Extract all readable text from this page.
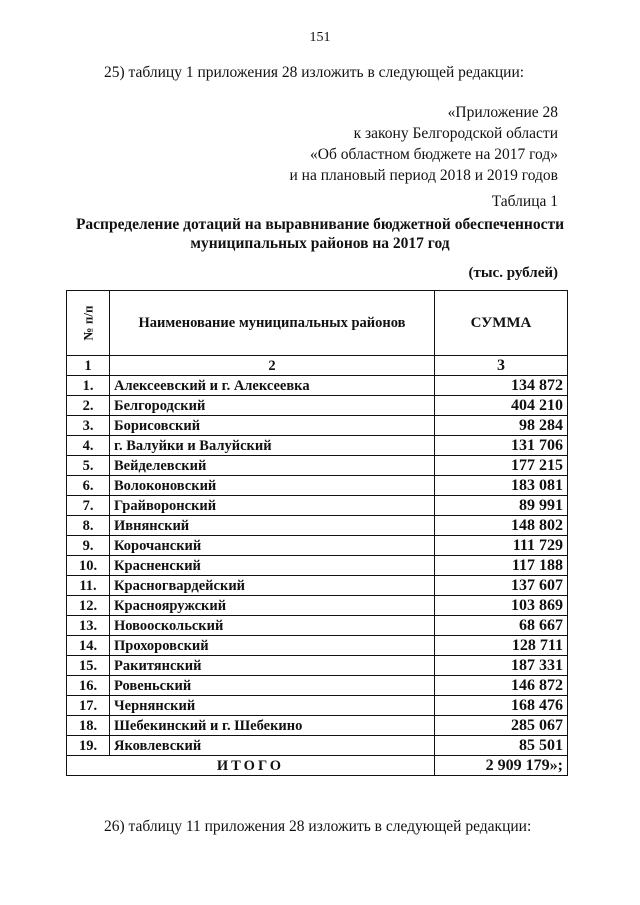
151
25) таблицу 1 приложения 28 изложить в следующей редакции:
«Приложение 28
к закону Белгородской области
«Об областном бюджете на 2017 год»
и на плановый период 2018 и 2019 годов
Таблица 1
Распределение дотаций на выравнивание бюджетной обеспеченности
муниципальных районов на 2017 год
(тыс. рублей)
№ п/п	Наименование муниципальных районов	СУММА
1	2	3
1.	Алексеевский и г. Алексеевка	134 872
2.	Белгородский	404 210
3.	Борисовский	98 284
4.	г. Валуйки и Валуйский	131 706
5.	Вейделевский	177 215
6.	Волоконовский	183 081
7.	Грайворонский	89 991
8.	Ивнянский	148 802
9.	Корочанский	111 729
10.	Красненский	117 188
11.	Красногвардейский	137 607
12.	Краснояружский	103 869
13.	Новооскольский	68 667
14.	Прохоровский	128 711
15.	Ракитянский	187 331
16.	Ровеньский	146 872
17.	Чернянский	168 476
18.	Шебекинский и г. Шебекино	285 067
19.	Яковлевский	85 501
ИТОГО		2 909 179»;
26) таблицу 11 приложения 28 изложить в следующей редакции:
